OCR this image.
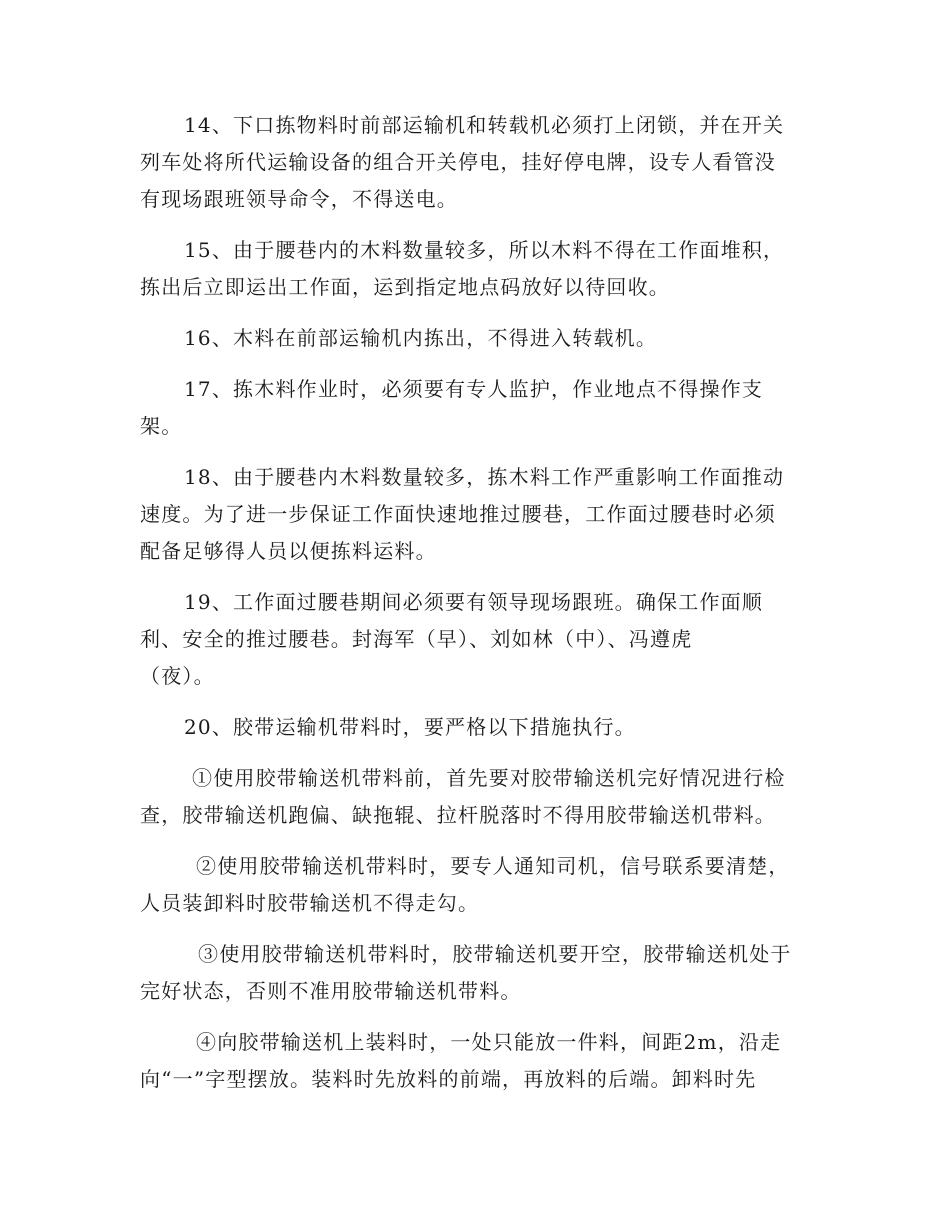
14、下口拣物料时前部运输机和转载机必须打上闭锁，并在开关
列车处将所代运输设备的组合开关停电，挂好停电牌，设专人看管没
有现场跟班领导命令，不得送电。
15、由于腰巷内的木料数量较多，所以木料不得在工作面堆积，
拣出后立即运出工作面，运到指定地点码放好以待回收。
16、木料在前部运输机内拣出，不得进入转载机。
17、拣木料作业时，必须要有专人监护，作业地点不得操作支
架。
18、由于腰巷内木料数量较多，拣木料工作严重影响工作面推动
速度。为了进一步保证工作面快速地推过腰巷，工作面过腰巷时必须
配备足够得人员以便拣料运料。
19、工作面过腰巷期间必须要有领导现场跟班。确保工作面顺
利、安全的推过腰巷。封海军（早）、刘如林（中）、冯遵虎
（夜）。
20、胶带运输机带料时，要严格以下措施执行。
①使用胶带输送机带料前，首先要对胶带输送机完好情况进行检
查，胶带输送机跑偏、缺拖辊、拉杆脱落时不得用胶带输送机带料。
②使用胶带输送机带料时，要专人通知司机，信号联系要清楚，
人员装卸料时胶带输送机不得走勾。
③使用胶带输送机带料时，胶带输送机要开空，胶带输送机处于
完好状态，否则不准用胶带输送机带料。
④向胶带输送机上装料时，一处只能放一件料，间距2m，沿走
向“一”字型摆放。装料时先放料的前端，再放料的后端。卸料时先
